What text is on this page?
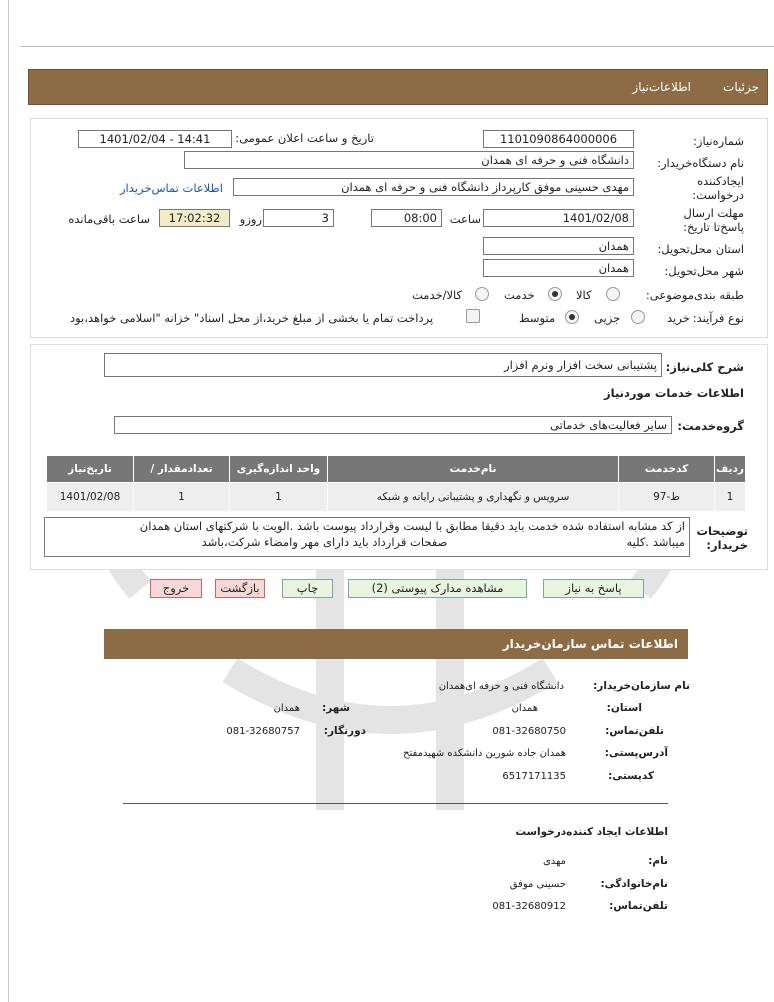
جزئیات
اطلاعات‌نیاز
شماره‌نیاز:
1101090864000006
تاریخ و ساعت اعلان عمومی:
1401/02/04 - 14:41
نام دستگاه‌خریدار:
دانشگاه فنی و حرفه ای همدان
ایجادکننده درخواست:
مهدی حسینی موفق کارپرداز دانشگاه فنی و حرفه ای همدان
اطلاعات تماس‌خریدار
مهلت ارسال پاسخ‌تا تاریخ:
1401/02/08
ساعت
08:00
3
روزو
17:02:32
ساعت باقی‌مانده
استان محل‌تحویل:
همدان
شهر محل‌تحویل:
همدان
طبقه بندی‌موضوعی:
کالا
خدمت
کالا/خدمت
نوع فرآیند:
خرید
جزیی
متوسط
پرداخت تمام یا بخشی از مبلغ خرید،از محل اسناد" خزانه "اسلامی خواهد،بود
شرح کلی‌نیاز:
پشتیبانی سخت افزار ونرم افزار
اطلاعات خدمات موردنیاز
گروه‌خدمت:
سایر فعالیت‌های خدماتی
ردیف	کدخدمت	نام‌خدمت	واحد اندازه‌گیری	تعداد‌مقدار /	تاریخ‌نیاز
1	ط-97	سرویس و نگهداری و پشتیبانی رایانه و شبکه	1	1	1401/02/08
توضیحات خریدار:
از کد مشابه استفاده شده خدمت باید دقیقا مطابق با لیست وقرارداد پیوست باشد .الویت با شرکتهای استان همدان
میباشد .کلیه                                                 صفحات قرارداد باید دارای مهر وامضاء شرکت،باشد
پاسخ به نیاز
مشاهده مدارک پیوستی (2)
چاپ
بازگشت
خروج
اطلاعات تماس سازمان‌خریدار
نام سازمان‌خریدار:
دانشگاه فنی و حرفه ای‌همدان
استان:
همدان
شهر:
همدان
تلفن‌تماس:
081-32680750
دورنگار:
081-32680757
آدرس‌پستی:
همدان جاده شورین دانشکده شهیدمفتح
کدپستی:
6517171135
اطلاعات ایجاد کننده‌درخواست
نام:
مهدی
نام‌خانوادگی:
حسینی موفق
تلفن‌تماس:
081-32680912
